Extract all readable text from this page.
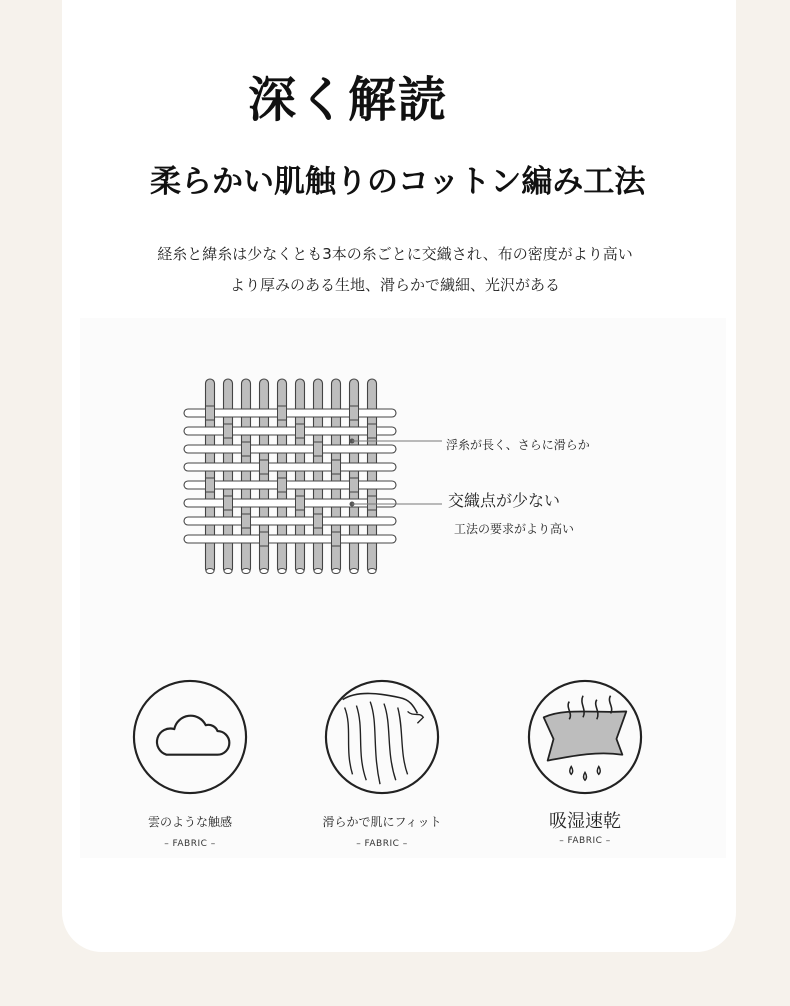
深く解読
柔らかい肌触りのコットン編み工法

経糸と緯糸は少なくとも3本の糸ごとに交織され、布の密度がより高い

より厚みのある生地、滑らかで繊細、光沢がある

浮糸が長く、さらに滑らか

交織点が少ない

工法の要求がより高い

雲のような触感
– FABRIC –
滑らかで肌にフィット
– FABRIC –
吸湿速乾
– FABRIC –
